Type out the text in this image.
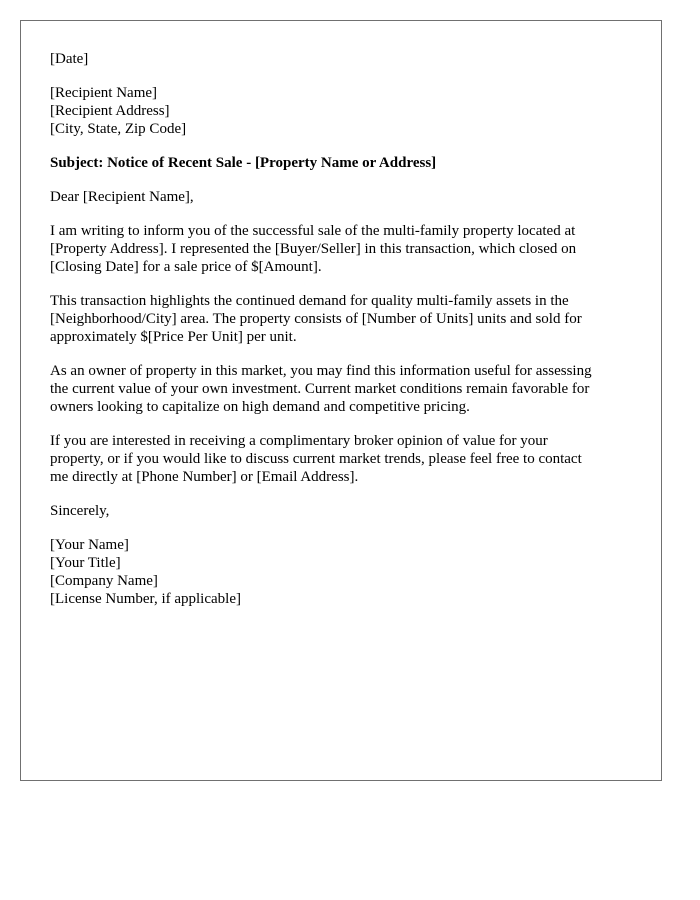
[Date]
[Recipient Name]
[Recipient Address]
[City, State, Zip Code]
Subject: Notice of Recent Sale - [Property Name or Address]
Dear [Recipient Name],

I am writing to inform you of the successful sale of the multi-family property located at
[Property Address]. I represented the [Buyer/Seller] in this transaction, which closed on
[Closing Date] for a sale price of $[Amount].

This transaction highlights the continued demand for quality multi-family assets in the
[Neighborhood/City] area. The property consists of [Number of Units] units and sold for
approximately $[Price Per Unit] per unit.

As an owner of property in this market, you may find this information useful for assessing
the current value of your own investment. Current market conditions remain favorable for
owners looking to capitalize on high demand and competitive pricing.

If you are interested in receiving a complimentary broker opinion of value for your
property, or if you would like to discuss current market trends, please feel free to contact
me directly at [Phone Number] or [Email Address].

Sincerely,
[Your Name]
[Your Title]
[Company Name]
[License Number, if applicable]
